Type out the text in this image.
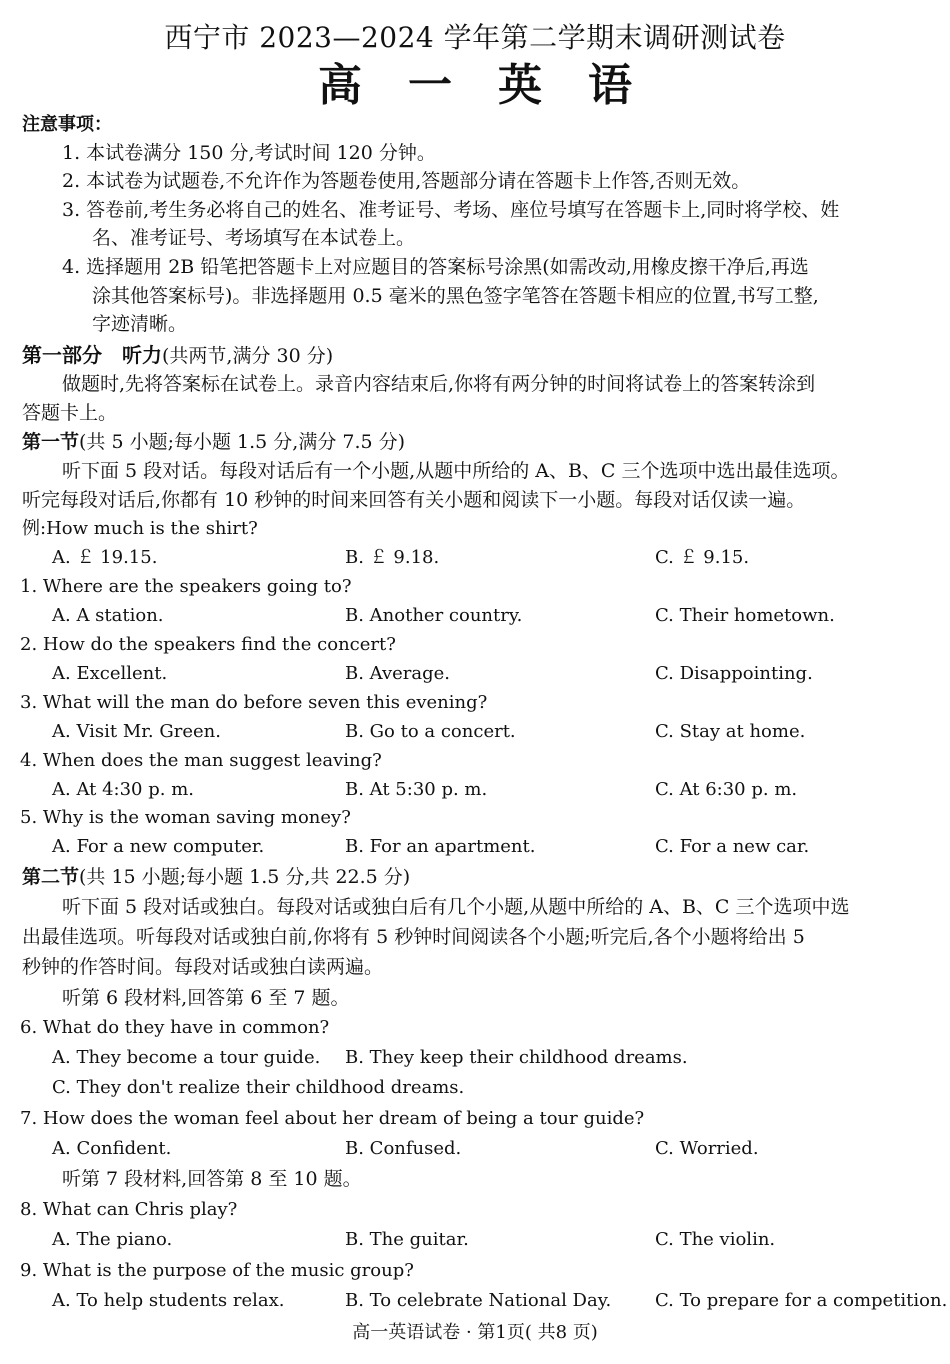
西宁市 2023—2024 学年第二学期末调研测试卷
高一英语
注意事项：
1. 本试卷满分 150 分,考试时间 120 分钟。
2. 本试卷为试题卷,不允许作为答题卷使用,答题部分请在答题卡上作答,否则无效。
3. 答卷前,考生务必将自己的姓名、准考证号、考场、座位号填写在答题卡上,同时将学校、姓
名、准考证号、考场填写在本试卷上。
4. 选择题用 2B 铅笔把答题卡上对应题目的答案标号涂黑(如需改动,用橡皮擦干净后,再选
涂其他答案标号)。非选择题用 0.5 毫米的黑色签字笔答在答题卡相应的位置,书写工整,
字迹清晰。
第一部分　听力(共两节,满分 30 分)
做题时,先将答案标在试卷上。录音内容结束后,你将有两分钟的时间将试卷上的答案转涂到
答题卡上。
第一节(共 5 小题;每小题 1.5 分,满分 7.5 分)
听下面 5 段对话。每段对话后有一个小题,从题中所给的 A、B、C 三个选项中选出最佳选项。
听完每段对话后,你都有 10 秒钟的时间来回答有关小题和阅读下一小题。每段对话仅读一遍。
例:How much is the shirt?
A. ￡ 19.15.	B. ￡ 9.18.	C. ￡ 9.15.
1. Where are the speakers going to?
A. A station.	B. Another country.	C. Their hometown.
2. How do the speakers find the concert?
A. Excellent.	B. Average.	C. Disappointing.
3. What will the man do before seven this evening?
A. Visit Mr. Green.	B. Go to a concert.	C. Stay at home.
4. When does the man suggest leaving?
A. At 4:30 p. m.	B. At 5:30 p. m.	C. At 6:30 p. m.
5. Why is the woman saving money?
A. For a new computer.	B. For an apartment.	C. For a new car.
第二节(共 15 小题;每小题 1.5 分,共 22.5 分)
听下面 5 段对话或独白。每段对话或独白后有几个小题,从题中所给的 A、B、C 三个选项中选
出最佳选项。听每段对话或独白前,你将有 5 秒钟时间阅读各个小题;听完后,各个小题将给出 5
秒钟的作答时间。每段对话或独白读两遍。
听第 6 段材料,回答第 6 至 7 题。
6. What do they have in common?
A. They become a tour guide. B. They keep their childhood dreams.
C. They don't realize their childhood dreams.
7. How does the woman feel about her dream of being a tour guide?
A. Confident.	B. Confused.	C. Worried.
听第 7 段材料,回答第 8 至 10 题。
8. What can Chris play?
A. The piano.	B. The guitar.	C. The violin.
9. What is the purpose of the music group?
A. To help students relax.	B. To celebrate National Day. C. To prepare for a competition.
高一英语试卷 · 第1页( 共8 页)
